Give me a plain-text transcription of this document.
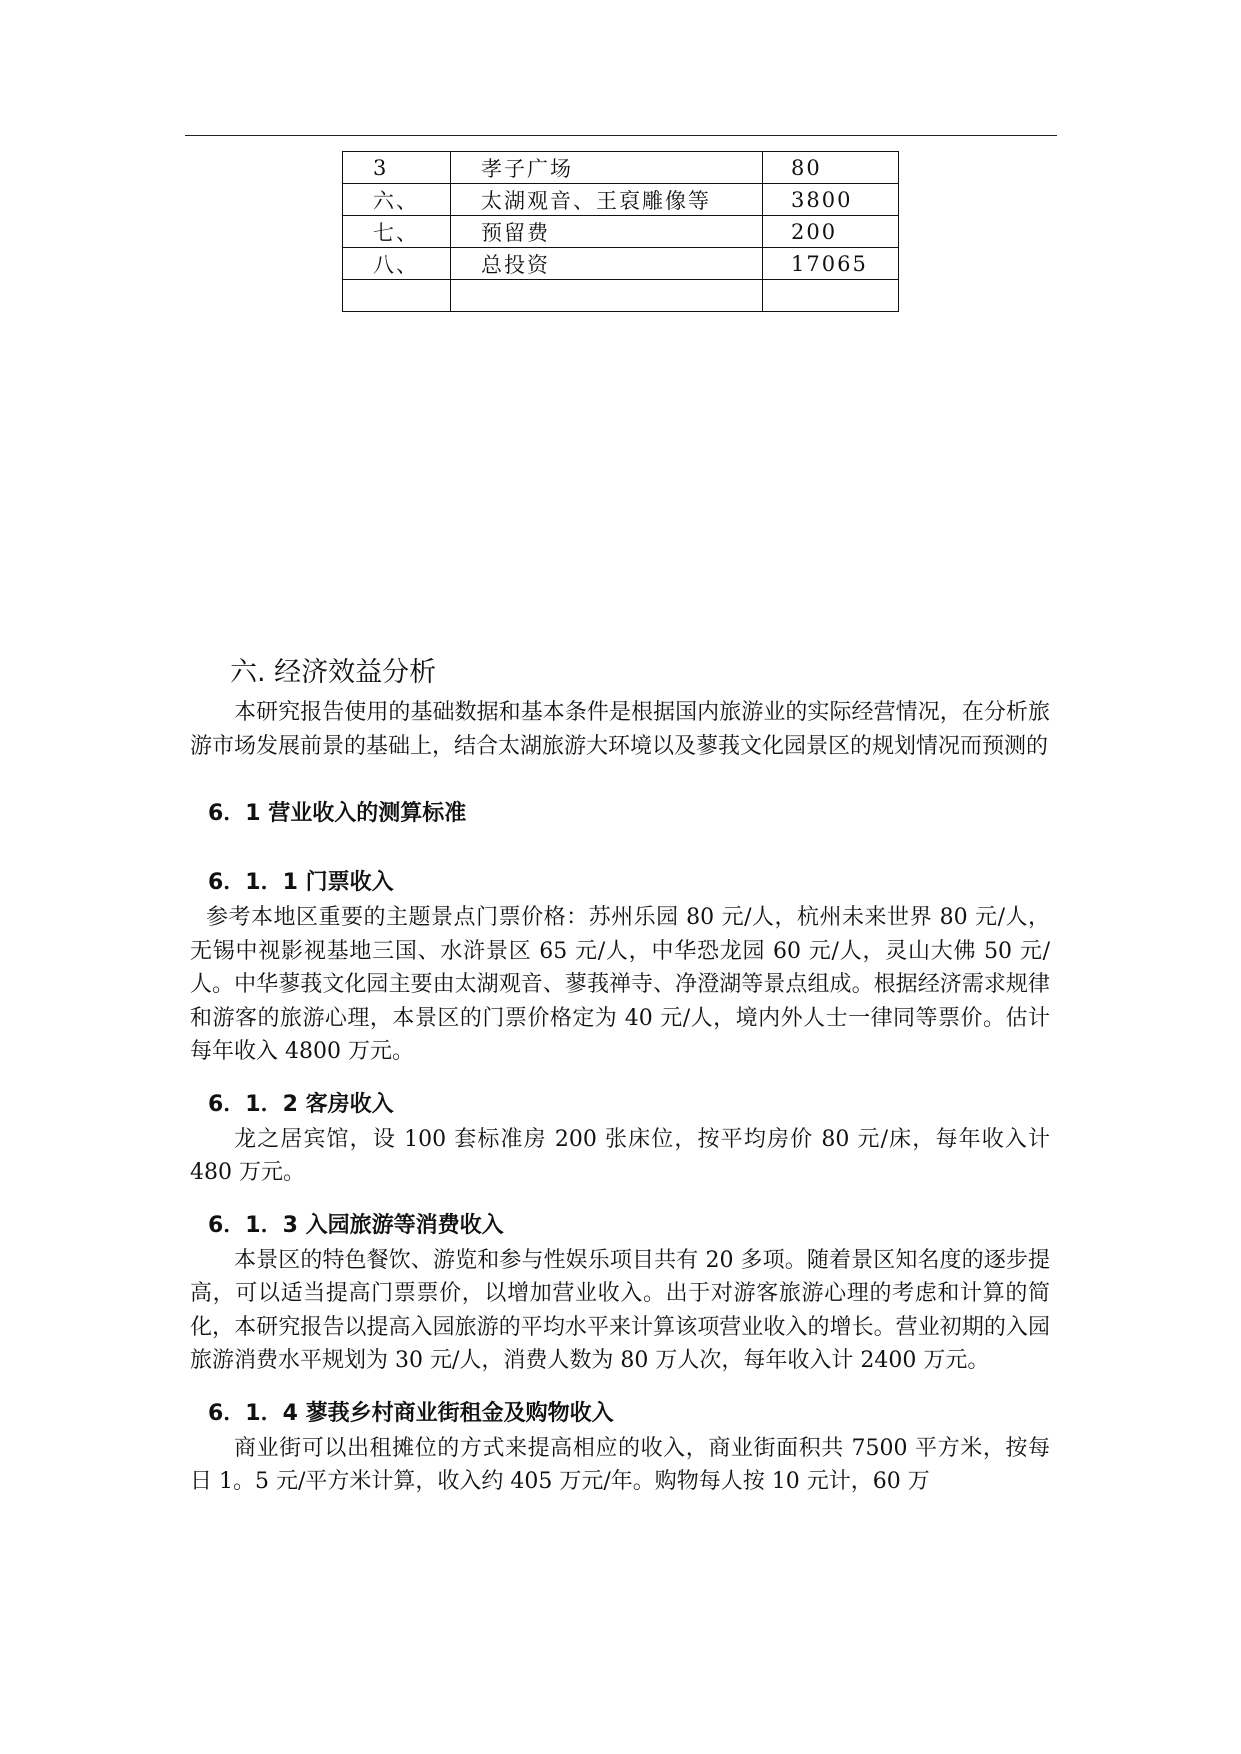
3	孝子广场	80
六、	太湖观音、王裒雕像等	3800
七、	预留费	200
八、	总投资	17065

六. 经济效益分析

本研究报告使用的基础数据和基本条件是根据国内旅游业的实际经营情况，在分析旅游市场发展前景的基础上，结合太湖旅游大环境以及蓼莪文化园景区的规划情况而预测的

6．1 营业收入的测算标准
6．1．1 门票收入

参考本地区重要的主题景点门票价格：苏州乐园 80 元/人，杭州未来世界 80 元/人，无锡中视影视基地三国、水浒景区 65 元/人，中华恐龙园 60 元/人，灵山大佛 50 元/人。中华蓼莪文化园主要由太湖观音、蓼莪禅寺、净澄湖等景点组成。根据经济需求规律和游客的旅游心理，本景区的门票价格定为 40 元/人，境内外人士一律同等票价。估计每年收入 4800 万元。

6．1．2 客房收入

龙之居宾馆，设 100 套标准房 200 张床位，按平均房价 80 元/床，每年收入计 480 万元。

6．1．3 入园旅游等消费收入

本景区的特色餐饮、游览和参与性娱乐项目共有 20 多项。随着景区知名度的逐步提高，可以适当提高门票票价，以增加营业收入。出于对游客旅游心理的考虑和计算的简化，本研究报告以提高入园旅游的平均水平来计算该项营业收入的增长。营业初期的入园旅游消费水平规划为 30 元/人，消费人数为 80 万人次，每年收入计 2400 万元。

6．1．4 蓼莪乡村商业街租金及购物收入

商业街可以出租摊位的方式来提高相应的收入，商业街面积共 7500 平方米，按每日 1。5 元/平方米计算，收入约 405 万元/年。购物每人按 10 元计，60 万
